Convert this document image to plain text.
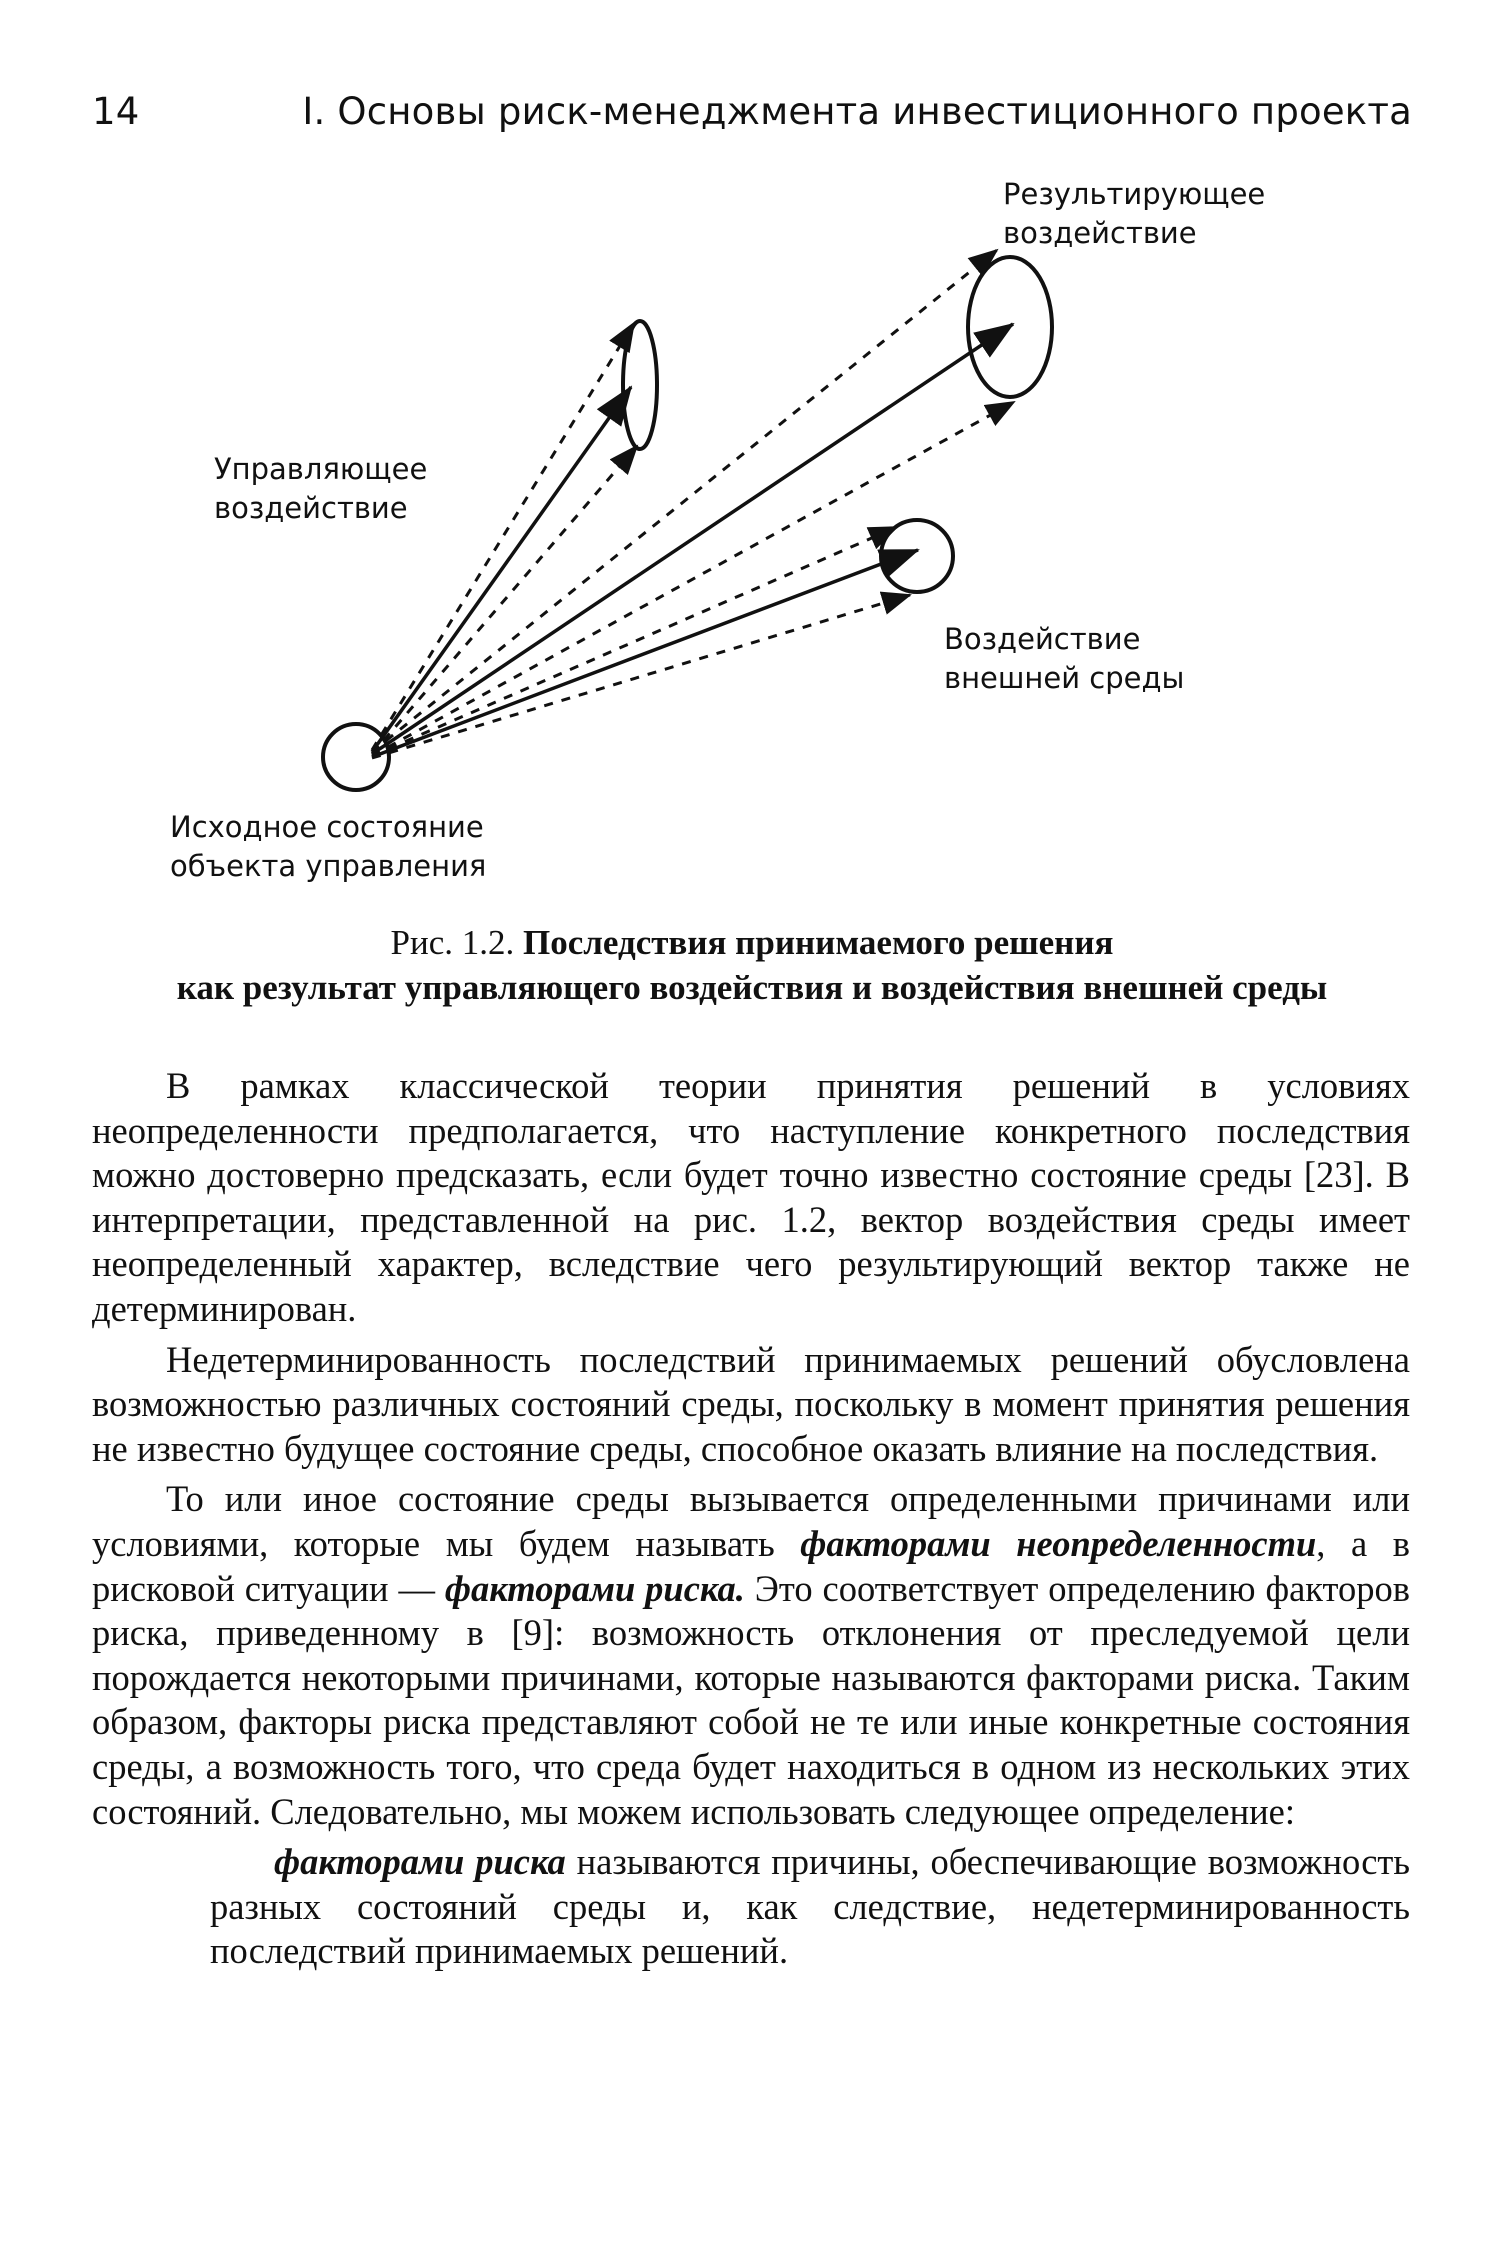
14	I. Основы риск-менеджмента инвестиционного проекта
Результирующее
воздействие
Управляющее
воздействие
Воздействие
внешней среды
Исходное состояние
объекта управления
Рис. 1.2. Последствия принимаемого решения
как результат управляющего воздействия и воздействия внешней среды

В рамках классической теории принятия решений в условиях неопределенности предполагается, что наступление конкретного последствия можно достоверно предсказать, если будет точно известно состояние среды [23]. В интерпретации, представленной на рис. 1.2, вектор воздействия среды имеет неопределенный характер, вследствие чего результирующий вектор также не детерминирован.

Недетерминированность последствий принимаемых решений обусловлена возможностью различных состояний среды, поскольку в момент принятия решения не известно будущее состояние среды, способное оказать влияние на последствия.

То или иное состояние среды вызывается определенными причинами или условиями, которые мы будем называть факторами неопределенности, а в рисковой ситуации — факторами риска. Это соответствует определению факторов риска, приведенному в [9]: возможность отклонения от преследуемой цели порождается некоторыми причинами, которые называются факторами риска. Таким образом, факторы риска представляют собой не те или иные конкретные состояния среды, а возможность того, что среда будет находиться в одном из нескольких этих состояний. Следовательно, мы можем использовать следующее определение:

факторами риска называются причины, обеспечивающие возможность разных состояний среды и, как следствие, недетерминированность последствий принимаемых решений.
